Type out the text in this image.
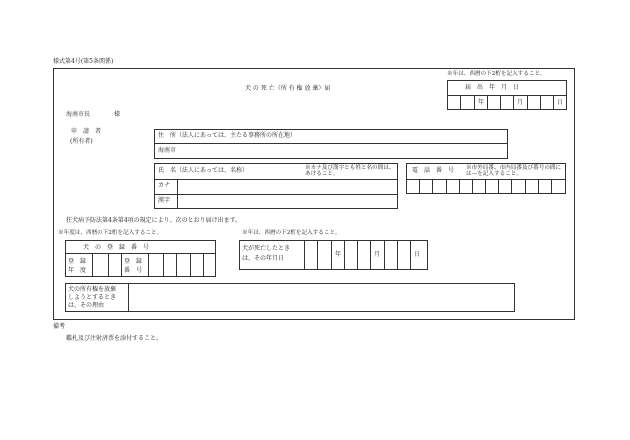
様式第4号(第5条関係)
※年は、西暦の下2桁を記入すること。
犬 の 死 亡（所 有 権 放 棄）届	届　出　年　月　日
年	月	日
海南市長　　　　様
申　請　者
(所有者)
住　所（法人にあっては、主たる事務所の所在地）
海南市
氏　名（法人にあっては、名称）	※カナ及び漢字とも姓と名の間は、あけること。
カナ
漢字
電　話　番　号 ※市外局番、市内局番及び番号の間には—を記入すること。
狂犬病予防法第4条第4項の規定により、次のとおり届け出ます。
※年度は、西暦の下2桁を記入すること。
犬　の　登　録　番　号
登　録
年　度
登　録
番　号
※年は、西暦の下2桁を記入すること。
犬が死亡したとき
は、その年月日
年	月	日
犬の所有権を放棄
しようとするとき
は、その理由
備考
鑑札及び注射済票を添付すること。
